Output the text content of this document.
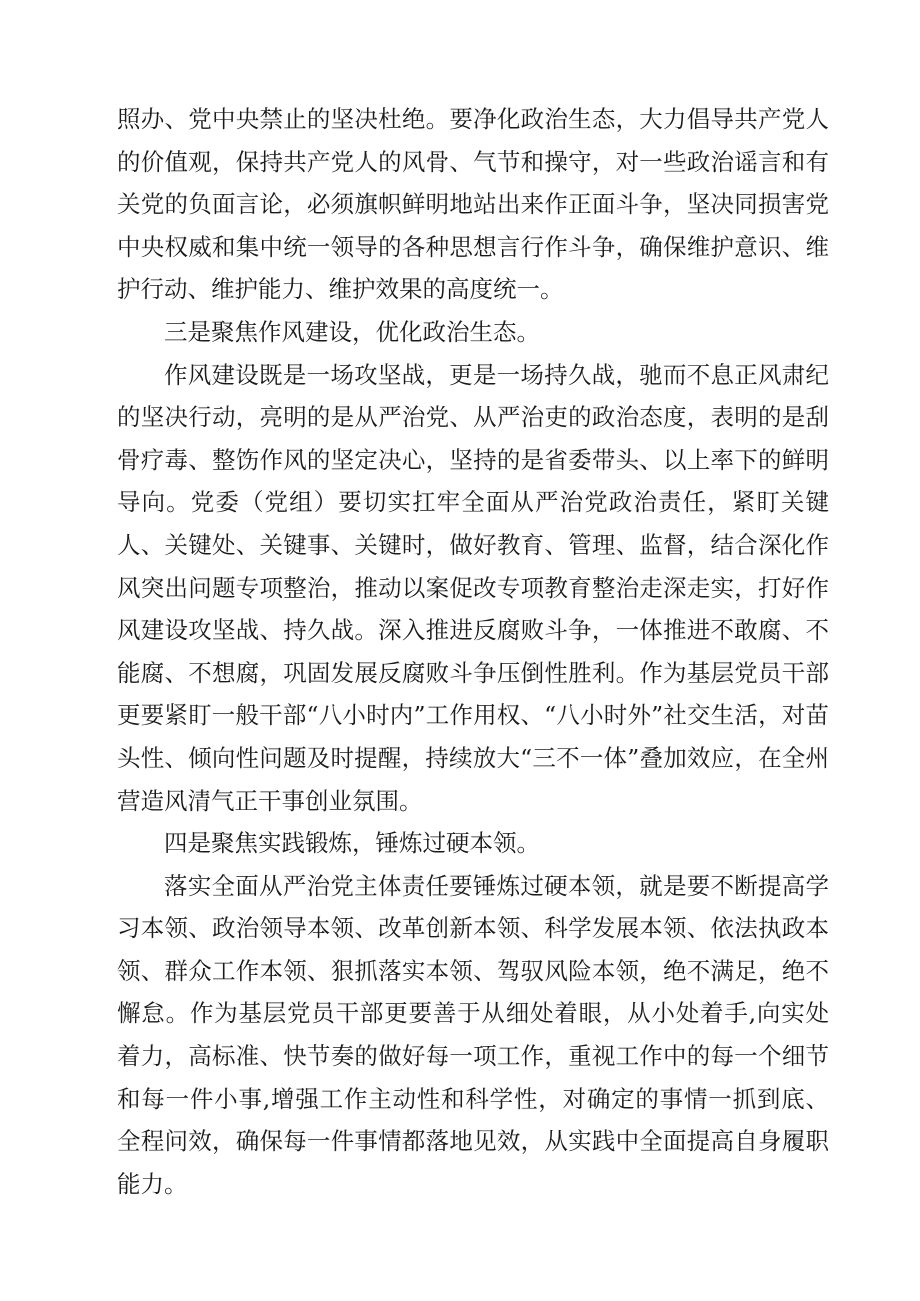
照办、党中央禁止的坚决杜绝。要净化政治生态，大力倡导共产党人的价值观，保持共产党人的风骨、气节和操守，对一些政治谣言和有关党的负面言论，必须旗帜鲜明地站出来作正面斗争，坚决同损害党中央权威和集中统一领导的各种思想言行作斗争，确保维护意识、维护行动、维护能力、维护效果的高度统一。

三是聚焦作风建设，优化政治生态。

作风建设既是一场攻坚战，更是一场持久战，驰而不息正风肃纪的坚决行动，亮明的是从严治党、从严治吏的政治态度，表明的是刮骨疗毒、整饬作风的坚定决心，坚持的是省委带头、以上率下的鲜明导向。党委（党组）要切实扛牢全面从严治党政治责任，紧盯关键人、关键处、关键事、关键时，做好教育、管理、监督，结合深化作风突出问题专项整治，推动以案促改专项教育整治走深走实，打好作风建设攻坚战、持久战。深入推进反腐败斗争，一体推进不敢腐、不能腐、不想腐，巩固发展反腐败斗争压倒性胜利。作为基层党员干部更要紧盯一般干部“八小时内”工作用权、“八小时外”社交生活，对苗头性、倾向性问题及时提醒，持续放大“三不一体”叠加效应，在全州营造风清气正干事创业氛围。

四是聚焦实践锻炼，锤炼过硬本领。

落实全面从严治党主体责任要锤炼过硬本领，就是要不断提高学习本领、政治领导本领、改革创新本领、科学发展本领、依法执政本领、群众工作本领、狠抓落实本领、驾驭风险本领，绝不满足，绝不懈怠。作为基层党员干部更要善于从细处着眼，从小处着手,向实处着力，高标准、快节奏的做好每一项工作，重视工作中的每一个细节和每一件小事,增强工作主动性和科学性，对确定的事情一抓到底、全程问效，确保每一件事情都落地见效，从实践中全面提高自身履职能力。
